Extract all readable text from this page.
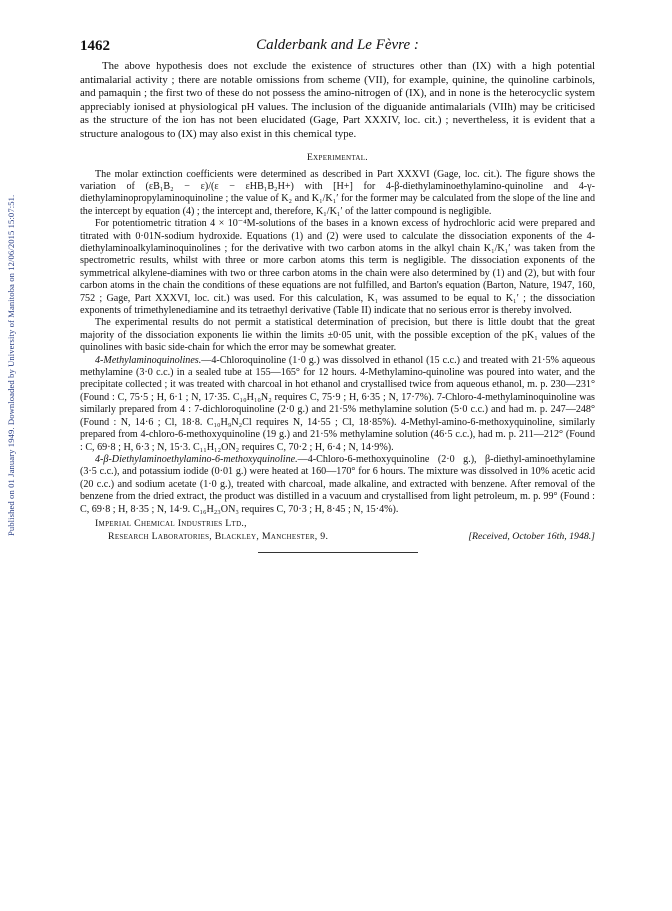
Published on 01 January 1949. Downloaded by University of Manitoba on 12/06/2015 15:07:51.
1462	Calderbank and Le Fèvre :

The above hypothesis does not exclude the existence of structures other than (IX) with a high potential antimalarial activity ; there are notable omissions from scheme (VII), for example, quinine, the quinoline carbinols, and pamaquin ; the first two of these do not possess the amino-nitrogen of (IX), and in none is the heterocyclic system appreciably ionised at physiological pH values. The inclusion of the diguanide antimalarials (VIIh) may be criticised as the structure of the ion has not been elucidated (Gage, Part XXXIV, loc. cit.) ; nevertheless, it is evident that a structure analogous to (IX) may also exist in this chemical type.

Experimental.

The molar extinction coefficients were determined as described in Part XXXVI (Gage, loc. cit.). The figure shows the variation of (εB₁B₂ − ε)/(ε − εHB₁B₂H+) with [H+] for 4-β-diethylaminoethylamino-quinoline and 4-γ-diethylaminopropylaminoquinoline ; the value of K₂ and K₁/K₁′ for the former may be calculated from the slope of the line and the intercept by equation (4) ; the intercept and, therefore, K₁/K₁′ of the latter compound is negligible.

For potentiometric titration 4 × 10⁻⁴M-solutions of the bases in a known excess of hydrochloric acid were prepared and titrated with 0·01N-sodium hydroxide. Equations (1) and (2) were used to calculate the dissociation exponents of the 4-diethylaminoalkylaminoquinolines ; for the derivative with two carbon atoms in the alkyl chain K₁/K₁′ was taken from the spectrometric results, whilst with three or more carbon atoms this term is negligible. The dissociation exponents of the symmetrical alkylene-diamines with two or three carbon atoms in the chain were also determined by (1) and (2), but with four carbon atoms in the chain the conditions of these equations are not fulfilled, and Barton's equation (Barton, Nature, 1947, 160, 752 ; Gage, Part XXXVI, loc. cit.) was used. For this calculation, K₁ was assumed to be equal to K₁′ ; the dissociation exponents of trimethylenediamine and its tetraethyl derivative (Table II) indicate that no serious error is thereby involved.

The experimental results do not permit a statistical determination of precision, but there is little doubt that the great majority of the dissociation exponents lie within the limits ±0·05 unit, with the possible exception of the pK₁ values of the quinolines with basic side-chain for which the error may be somewhat greater.

4-Methylaminoquinolines.—4-Chloroquinoline (1·0 g.) was dissolved in ethanol (15 c.c.) and treated with 21·5% aqueous methylamine (3·0 c.c.) in a sealed tube at 155—165° for 12 hours. 4-Methylamino-quinoline was poured into water, and the precipitate collected ; it was treated with charcoal in hot ethanol and crystallised twice from aqueous ethanol, m. p. 230—231° (Found : C, 75·5 ; H, 6·1 ; N, 17·35. C₁₀H₁₀N₂ requires C, 75·9 ; H, 6·35 ; N, 17·7%). 7-Chloro-4-methylaminoquinoline was similarly prepared from 4 : 7-dichloroquinoline (2·0 g.) and 21·5% methylamine solution (5·0 c.c.) and had m. p. 247—248° (Found : N, 14·6 ; Cl, 18·8. C₁₀H₉N₂Cl requires N, 14·55 ; Cl, 18·85%). 4-Methyl-amino-6-methoxyquinoline, similarly prepared from 4-chloro-6-methoxyquinoline (19 g.) and 21·5% methylamine solution (46·5 c.c.), had m. p. 211—212° (Found : C, 69·8 ; H, 6·3 ; N, 15·3. C₁₁H₁₂ON₂ requires C, 70·2 ; H, 6·4 ; N, 14·9%).

4-β-Diethylaminoethylamino-6-methoxyquinoline.—4-Chloro-6-methoxyquinoline (2·0 g.), β-diethyl-aminoethylamine (3·5 c.c.), and potassium iodide (0·01 g.) were heated at 160—170° for 6 hours. The mixture was dissolved in 10% acetic acid (20 c.c.) and sodium acetate (1·0 g.), treated with charcoal, made alkaline, and extracted with benzene. After removal of the benzene from the dried extract, the product was distilled in a vacuum and crystallised from light petroleum, m. p. 99° (Found : C, 69·8 ; H, 8·35 ; N, 14·9. C₁₆H₂₃ON₃ requires C, 70·3 ; H, 8·45 ; N, 15·4%).

Imperial Chemical Industries Ltd.,
Research Laboratories, Blackley, Manchester, 9.	[Received, October 16th, 1948.]
